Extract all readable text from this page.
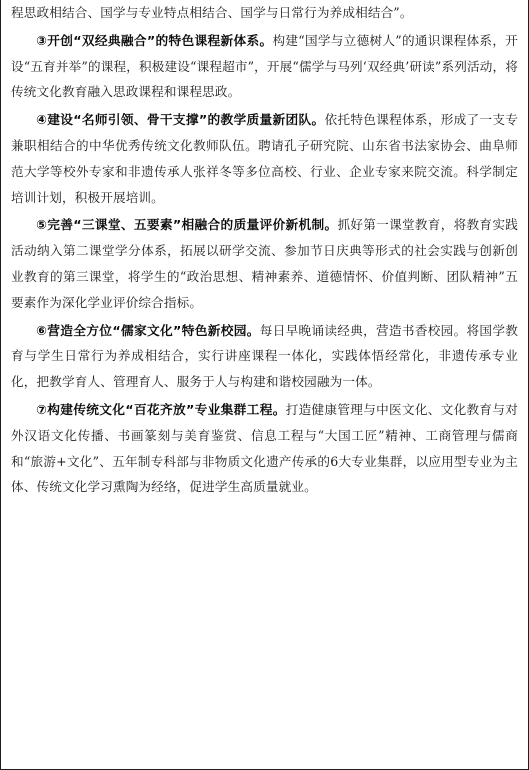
程思政相结合、国学与专业特点相结合、国学与日常行为养成相结合”。

③开创“双经典融合”的特色课程新体系。构建“国学与立德树人”的通识课程体系，开设“五育并举”的课程，积极建设“课程超市”，开展“儒学与马列‘双经典’研读”系列活动，将传统文化教育融入思政课程和课程思政。

④建设“名师引领、骨干支撑”的教学质量新团队。依托特色课程体系，形成了一支专兼职相结合的中华优秀传统文化教师队伍。聘请孔子研究院、山东省书法家协会、曲阜师范大学等校外专家和非遗传承人张祥冬等多位高校、行业、企业专家来院交流。科学制定培训计划，积极开展培训。

⑤完善“三课堂、五要素”相融合的质量评价新机制。抓好第一课堂教育，将教育实践活动纳入第二课堂学分体系，拓展以研学交流、参加节日庆典等形式的社会实践与创新创业教育的第三课堂，将学生的“政治思想、精神素养、道德情怀、价值判断、团队精神”五要素作为深化学业评价综合指标。

⑥营造全方位“儒家文化”特色新校园。每日早晚诵读经典，营造书香校园。将国学教育与学生日常行为养成相结合，实行讲座课程一体化，实践体悟经常化，非遗传承专业化，把教学育人、管理育人、服务于人与构建和谐校园融为一体。

⑦构建传统文化“百花齐放”专业集群工程。打造健康管理与中医文化、文化教育与对外汉语文化传播、书画篆刻与美育鉴赏、信息工程与“大国工匠”精神、工商管理与儒商和“旅游+文化”、五年制专科部与非物质文化遗产传承的6大专业集群，以应用型专业为主体、传统文化学习熏陶为经络，促进学生高质量就业。
